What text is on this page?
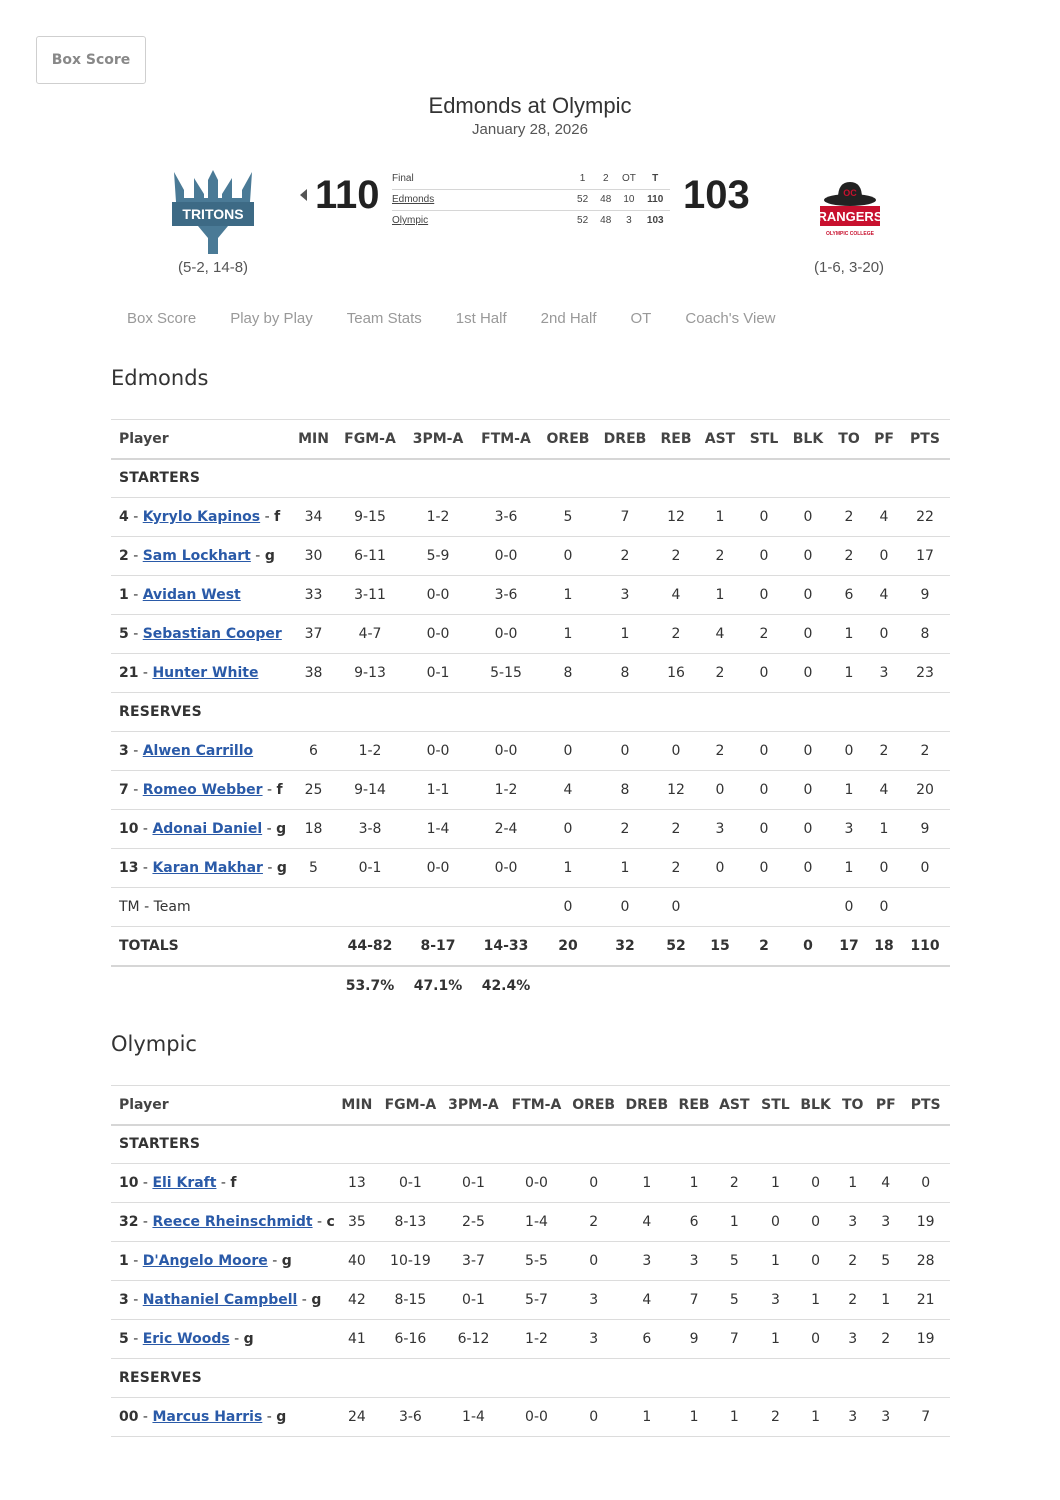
Box Score
Edmonds at Olympic
January 28, 2026
TRITONS
(5-2, 14-8)
OC
RANGERS
OLYMPIC COLLEGE
(1-6, 3-20)
110	103
Final	1	2	OT	T
Edmonds	52	48	10	110
Olympic	52	48	3	103
Box Score	Play by Play	Team Stats	1st Half	2nd Half	OT	Coach's View
Edmonds
Player	MIN	FGM-A	3PM-A	FTM-A	OREB	DREB	REB	AST	STL	BLK	TO	PF	PTS
STARTERS													
4 - Kyrylo Kapinos - f	34	9-15	1-2	3-6	5	7	12	1	0	0	2	4	22
2 - Sam Lockhart - g	30	6-11	5-9	0-0	0	2	2	2	0	0	2	0	17
1 - Avidan West	33	3-11	0-0	3-6	1	3	4	1	0	0	6	4	9
5 - Sebastian Cooper	37	4-7	0-0	0-0	1	1	2	4	2	0	1	0	8
21 - Hunter White	38	9-13	0-1	5-15	8	8	16	2	0	0	1	3	23
RESERVES													
3 - Alwen Carrillo	6	1-2	0-0	0-0	0	0	0	2	0	0	0	2	2
7 - Romeo Webber - f	25	9-14	1-1	1-2	4	8	12	0	0	0	1	4	20
10 - Adonai Daniel - g	18	3-8	1-4	2-4	0	2	2	3	0	0	3	1	9
13 - Karan Makhar - g	5	0-1	0-0	0-0	1	1	2	0	0	0	1	0	0
TM - Team					0	0	0				0	0	
TOTALS		44-82	8-17	14-33	20	32	52	15	2	0	17	18	110
		53.7%	47.1%	42.4%									
Olympic
Player	MIN	FGM-A	3PM-A	FTM-A	OREB	DREB	REB	AST	STL	BLK	TO	PF	PTS
STARTERS													
10 - Eli Kraft - f	13	0-1	0-1	0-0	0	1	1	2	1	0	1	4	0
32 - Reece Rheinschmidt - c	35	8-13	2-5	1-4	2	4	6	1	0	0	3	3	19
1 - D'Angelo Moore - g	40	10-19	3-7	5-5	0	3	3	5	1	0	2	5	28
3 - Nathaniel Campbell - g	42	8-15	0-1	5-7	3	4	7	5	3	1	2	1	21
5 - Eric Woods - g	41	6-16	6-12	1-2	3	6	9	7	1	0	3	2	19
RESERVES													
00 - Marcus Harris - g	24	3-6	1-4	0-0	0	1	1	1	2	1	3	3	7
